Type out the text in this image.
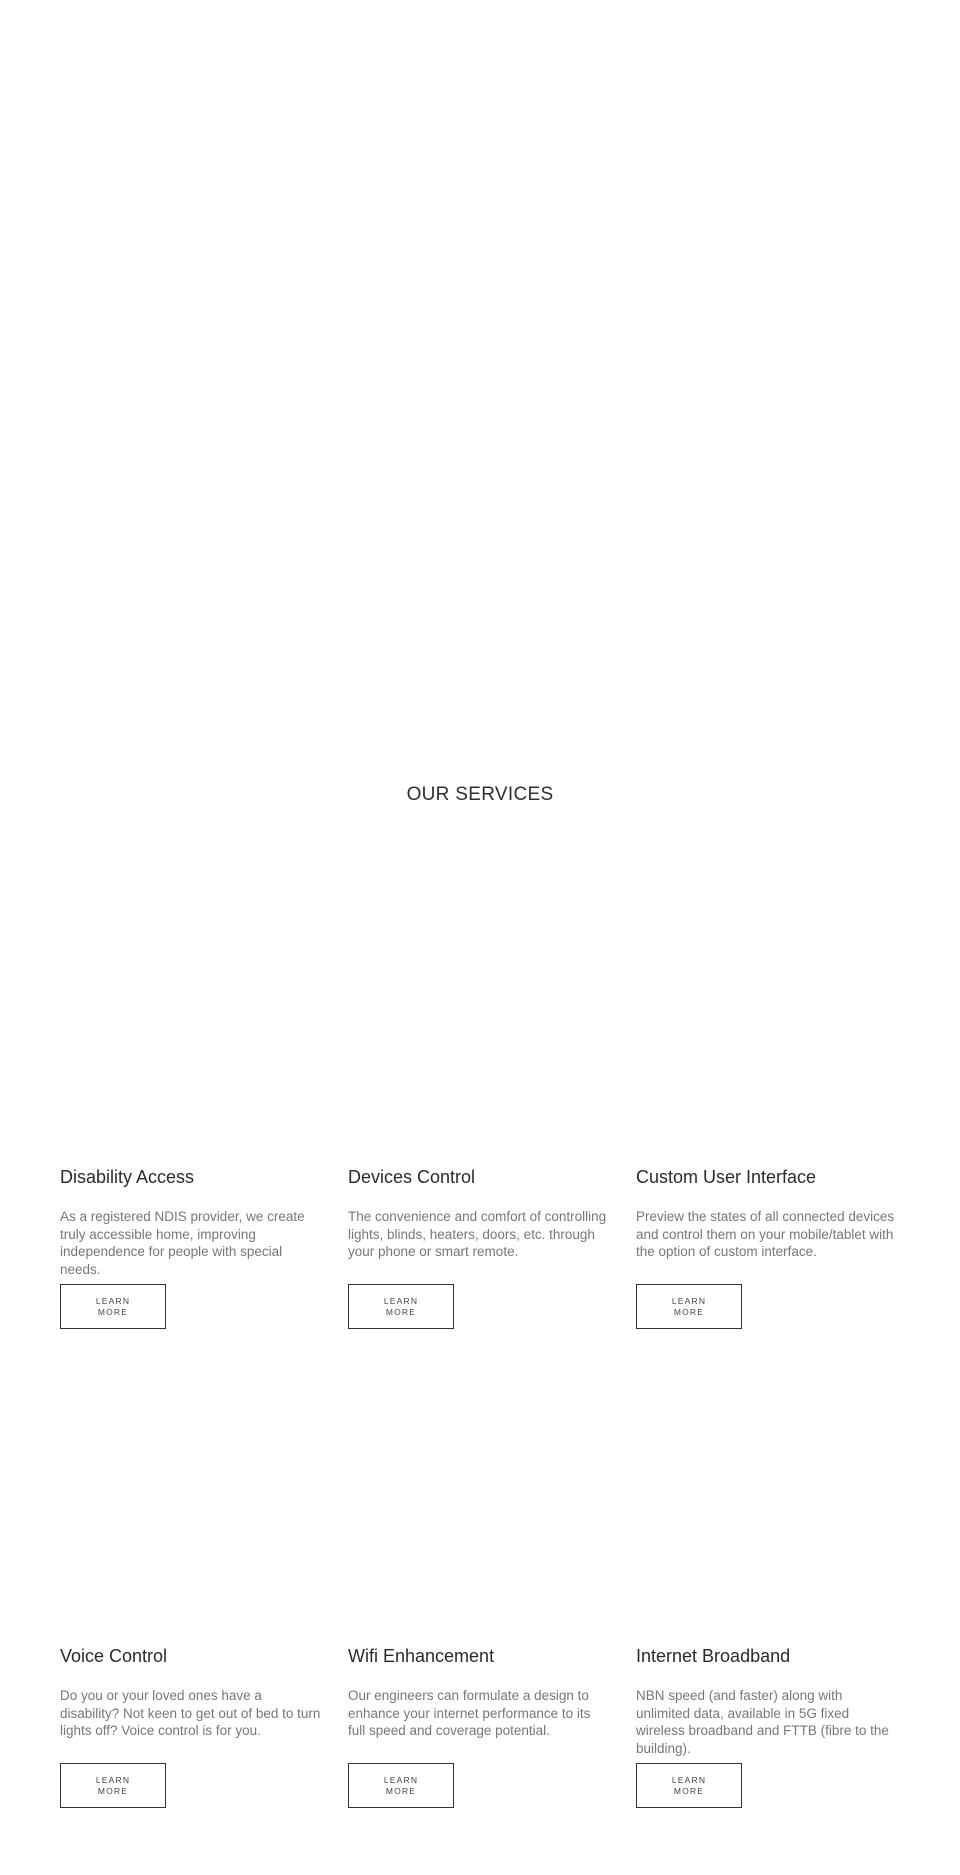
OUR SERVICES
Disability Access

As a registered NDIS provider, we create truly accessible home, improving independence for people with special needs.

LEARN MORE
Devices Control

The convenience and comfort of controlling lights, blinds, heaters, doors, etc. through your phone or smart remote.

LEARN MORE
Custom User Interface

Preview the states of all connected devices and control them on your mobile/tablet with the option of custom interface.

LEARN MORE
Voice Control

Do you or your loved ones have a disability? Not keen to get out of bed to turn lights off? Voice control is for you.

LEARN MORE
Wifi Enhancement

Our engineers can formulate a design to enhance your internet performance to its full speed and coverage potential.

LEARN MORE
Internet Broadband

NBN speed (and faster) along with unlimited data, available in 5G fixed wireless broadband and FTTB (fibre to the building).

LEARN MORE
